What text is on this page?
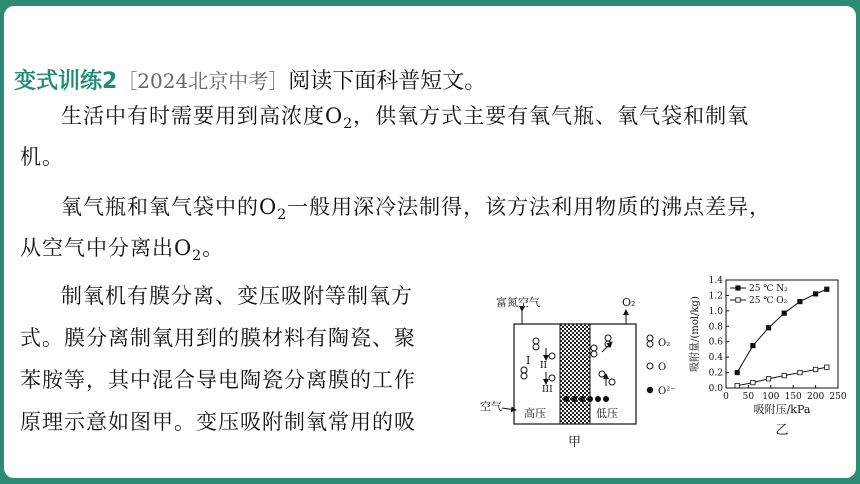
变式训练2［2024北京中考］阅读下面科普短文。
生活中有时需要用到高浓度$O_2$，供氧方式主要有氧气瓶、氧气袋和制氧
机。
氧气瓶和氧气袋中的$O_2$一般用深冷法制得，该方法利用物质的沸点差异，
从空气中分离出$O_2$。
制氧机有膜分离、变压吸附等制氧方
式。膜分离制氧用到的膜材料有陶瓷、聚
苯胺等，其中混合导电陶瓷分离膜的工作
原理示意如图甲。变压吸附制氧常用的吸
富氮空气	O₂
I II
III
空气
高压	低压
O₂
O
O²⁻
甲
0.0
0.2
0.4
0.6
0.8
1.0
1.2
1.4
0 50 100 150 200 250
吸附压/kPa
吸附量/(mol/kg)
25 ℃ N₂
25 ℃ O₂
乙
